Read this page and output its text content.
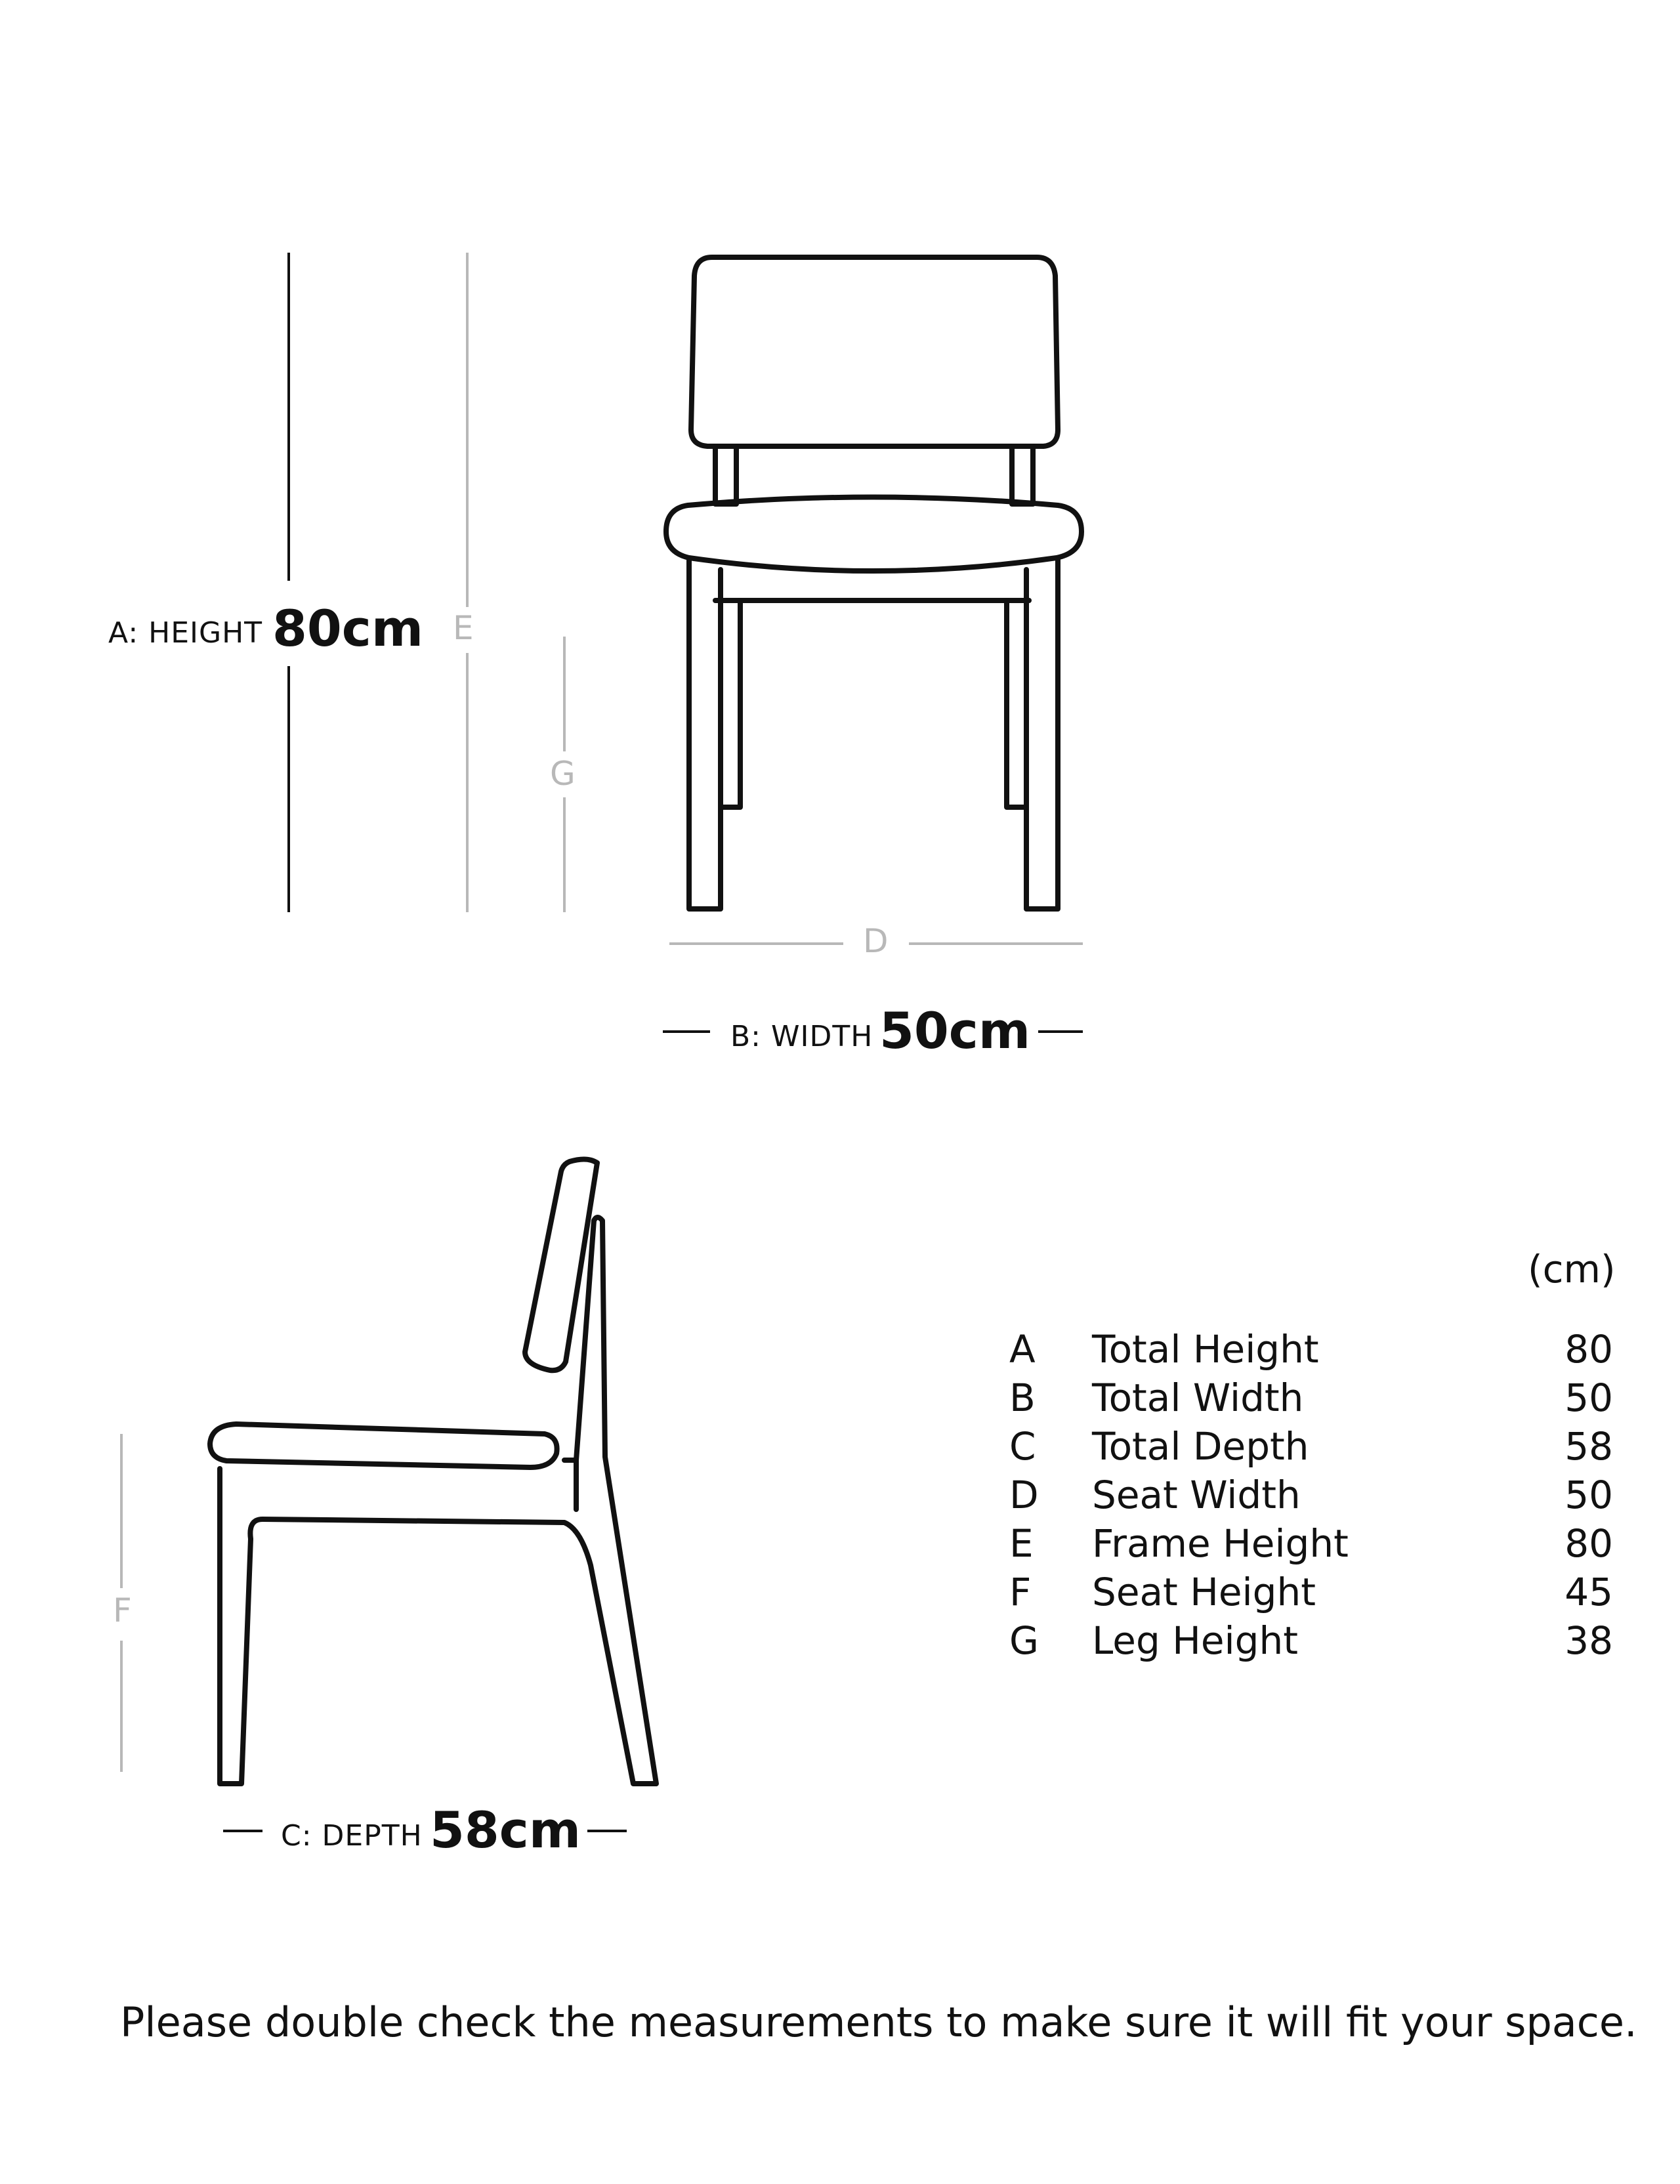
A: HEIGHT 80cm E
G
D
F
B: WIDTH 50cm
C: DEPTH 58cm
(cm)
A Total Height	80
B Total Width	50
C Total Depth	58
D Seat Width	50
E Frame Height	80
F Seat Height	45
G Leg Height	38
Please double check the measurements to make sure it will fit your space.
